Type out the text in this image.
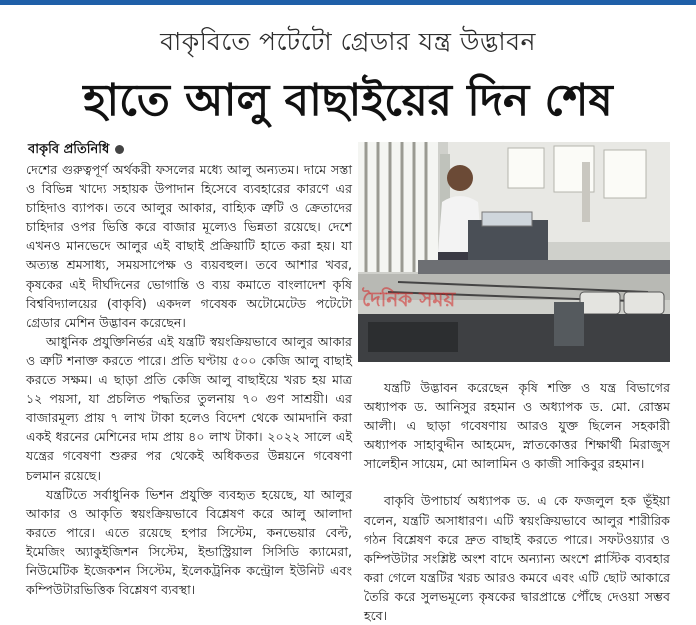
বাকৃবিতে পটেটো গ্রেডার যন্ত্র উদ্ভাবন
হাতে আলু বাছাইয়ের দিন শেষ
বাকৃবি প্রতিনিধি

দেশের গুরুত্বপূর্ণ অর্থকরী ফসলের মধ্যে আলু অন্যতম। দামে সস্তা ও বিভিন্ন খাদ্যে সহায়ক উপাদান হিসেবে ব্যবহারের কারণে এর চাহিদাও ব্যাপক। তবে আলুর আকার, বাহ্যিক ত্রুটি ও ক্রেতাদের চাহিদার ওপর ভিত্তি করে বাজার মূল্যেও ভিন্নতা রয়েছে। দেশে এখনও মানভেদে আলুর এই বাছাই প্রক্রিয়াটি হাতে করা হয়। যা অত্যন্ত শ্রমসাধ্য, সময়সাপেক্ষ ও ব্যয়বহুল। তবে আশার খবর, কৃষকের এই দীর্ঘদিনের ভোগান্তি ও ব্যয় কমাতে বাংলাদেশ কৃষি বিশ্ববিদ্যালয়ের (বাকৃবি) একদল গবেষক অটোমেটেড পটেটো গ্রেডার মেশিন উদ্ভাবন করেছেন।

আধুনিক প্রযুক্তিনির্ভর এই যন্ত্রটি স্বয়ংক্রিয়ভাবে আলুর আকার ও ত্রুটি শনাক্ত করতে পারে। প্রতি ঘণ্টায় ৫০০ কেজি আলু বাছাই করতে সক্ষম। এ ছাড়া প্রতি কেজি আলু বাছাইয়ে খরচ হয় মাত্র ১২ পয়সা, যা প্রচলিত পদ্ধতির তুলনায় ৭০ গুণ সাশ্রয়ী। এর বাজারমূল্য প্রায় ৭ লাখ টাকা হলেও বিদেশ থেকে আমদানি করা একই ধরনের মেশিনের দাম প্রায় ৪০ লাখ টাকা। ২০২২ সালে এই যন্ত্রের গবেষণা শুরুর পর থেকেই অধিকতর উন্নয়নে গবেষণা চলমান রয়েছে।

যন্ত্রটিতে সর্বাধুনিক ভিশন প্রযুক্তি ব্যবহৃত হয়েছে, যা আলুর আকার ও আকৃতি স্বয়ংক্রিয়ভাবে বিশ্লেষণ করে আলু আলাদা করতে পারে। এতে রয়েছে হপার সিস্টেম, কনভেয়ার বেল্ট, ইমেজিং অ্যাকুইজিশন সিস্টেম, ইন্ডাস্ট্রিয়াল সিসিডি ক্যামেরা, নিউমেটিক ইজেকশন সিস্টেম, ইলেকট্রনিক কন্ট্রোল ইউনিট এবং কম্পিউটারভিত্তিক বিশ্লেষণ ব্যবস্থা।

দৈনিক সময়

যন্ত্রটি উদ্ভাবন করেছেন কৃষি শক্তি ও যন্ত্র বিভাগের অধ্যাপক ড. আনিসুর রহমান ও অধ্যাপক ড. মো. রোস্তম আলী। এ ছাড়া গবেষণায় আরও যুক্ত ছিলেন সহকারী অধ্যাপক সাহাবুদ্দীন আহমেদ, স্নাতকোত্তর শিক্ষার্থী মিরাজুস সালেহীন সায়েম, মো আলামিন ও কাজী সাকিবুর রহমান।

বাকৃবি উপাচার্য অধ্যাপক ড. এ কে ফজলুল হক ভূঁইয়া বলেন, যন্ত্রটি অসাধারণ। এটি স্বয়ংক্রিয়ভাবে আলুর শারীরিক গঠন বিশ্লেষণ করে দ্রুত বাছাই করতে পারে। সফটওয়্যার ও কম্পিউটার সংশ্লিষ্ট অংশ বাদে অন্যান্য অংশে প্লাস্টিক ব্যবহার করা গেলে যন্ত্রটির খরচ আরও কমবে এবং এটি ছোট আকারে তৈরি করে সুলভমূল্যে কৃষকের দ্বারপ্রান্তে পৌঁছে দেওয়া সম্ভব হবে।
